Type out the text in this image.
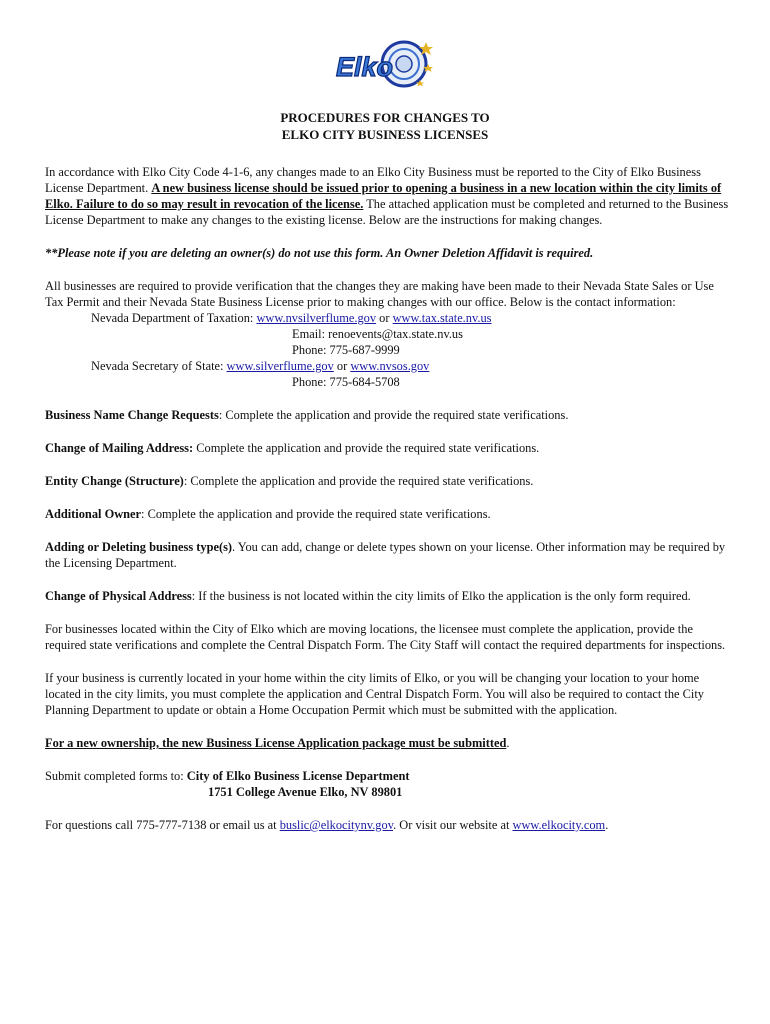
Elko
PROCEDURES FOR CHANGES TO
ELKO CITY BUSINESS LICENSES

In accordance with Elko City Code 4-1-6, any changes made to an Elko City Business must be reported to the City of Elko Business License Department. A new business license should be issued prior to opening a business in a new location within the city limits of Elko. Failure to do so may result in revocation of the license. The attached application must be completed and returned to the Business License Department to make any changes to the existing license. Below are the instructions for making changes.

**Please note if you are deleting an owner(s) do not use this form. An Owner Deletion Affidavit is required.

All businesses are required to provide verification that the changes they are making have been made to their Nevada State Sales or Use Tax Permit and their Nevada State Business License prior to making changes with our office. Below is the contact information:

Nevada Department of Taxation: www.nvsilverflume.gov or www.tax.state.nv.us

Email: renoevents@tax.state.nv.us

Phone: 775-687-9999

Nevada Secretary of State: www.silverflume.gov or www.nvsos.gov

Phone: 775-684-5708

Business Name Change Requests: Complete the application and provide the required state verifications.

Change of Mailing Address: Complete the application and provide the required state verifications.

Entity Change (Structure): Complete the application and provide the required state verifications.

Additional Owner: Complete the application and provide the required state verifications.

Adding or Deleting business type(s). You can add, change or delete types shown on your license. Other information may be required by the Licensing Department.

Change of Physical Address: If the business is not located within the city limits of Elko the application is the only form required.

For businesses located within the City of Elko which are moving locations, the licensee must complete the application, provide the required state verifications and complete the Central Dispatch Form. The City Staff will contact the required departments for inspections.

If your business is currently located in your home within the city limits of Elko, or you will be changing your location to your home located in the city limits, you must complete the application and Central Dispatch Form. You will also be required to contact the City Planning Department to update or obtain a Home Occupation Permit which must be submitted with the application.

For a new ownership, the new Business License Application package must be submitted.

Submit completed forms to: City of Elko Business License Department

1751 College Avenue Elko, NV 89801

For questions call 775-777-7138 or email us at buslic@elkocitynv.gov. Or visit our website at www.elkocity.com.
